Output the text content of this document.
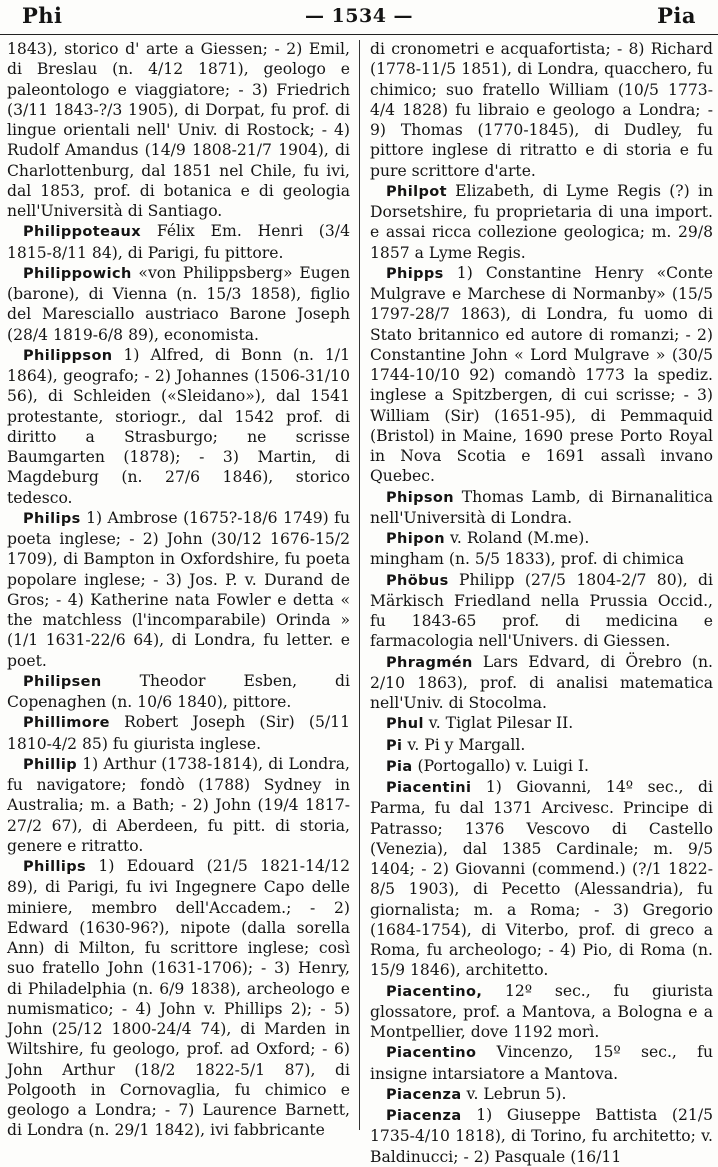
Phi	— 1534 —	Pia

1843), storico d' arte a Giessen; - 2) Emil, di Breslau (n. 4/12 1871), geologo e paleontologo e viaggiatore; - 3) Friedrich (3/11 1843-?/3 1905), di Dorpat, fu prof. di lingue orientali nell' Univ. di Rostock; - 4) Rudolf Amandus (14/9 1808-21/7 1904), di Charlottenburg, dal 1851 nel Chile, fu ivi, dal 1853, prof. di botanica e di geologia nell'Università di Santiago.

Philippoteaux Félix Em. Henri (3/4 1815-8/11 84), di Parigi, fu pittore.

Philippowich «von Philippsberg» Eugen (barone), di Vienna (n. 15/3 1858), figlio del Maresciallo austriaco Barone Joseph (28/4 1819-6/8 89), economista.

Philippson 1) Alfred, di Bonn (n. 1/1 1864), geografo; - 2) Johannes (1506-31/10 56), di Schleiden («Sleidano»), dal 1541 protestante, storiogr., dal 1542 prof. di diritto a Strasburgo; ne scrisse Baumgarten (1878); - 3) Martin, di Magdeburg (n. 27/6 1846), storico tedesco.

Philips 1) Ambrose (1675?-18/6 1749) fu poeta inglese; - 2) John (30/12 1676-15/2 1709), di Bampton in Oxfordshire, fu poeta popolare inglese; - 3) Jos. P. v. Durand de Gros; - 4) Katherine nata Fowler e detta « the matchless (l'incomparabile) Orinda » (1/1 1631-22/6 64), di Londra, fu letter. e poet.

Philipsen Theodor Esben, di Copenaghen (n. 10/6 1840), pittore.

Phillimore Robert Joseph (Sir) (5/11 1810-4/2 85) fu giurista inglese.

Phillip 1) Arthur (1738-1814), di Londra, fu navigatore; fondò (1788) Sydney in Australia; m. a Bath; - 2) John (19/4 1817-27/2 67), di Aberdeen, fu pitt. di storia, genere e ritratto.

Phillips 1) Edouard (21/5 1821-14/12 89), di Parigi, fu ivi Ingegnere Capo delle miniere, membro dell'Accadem.; - 2) Edward (1630-96?), nipote (dalla sorella Ann) di Milton, fu scrittore inglese; così suo fratello John (1631-1706); - 3) Henry, di Philadelphia (n. 6/9 1838), archeologo e numismatico; - 4) John v. Phillips 2); - 5) John (25/12 1800-24/4 74), di Marden in Wiltshire, fu geologo, prof. ad Oxford; - 6) John Arthur (18/2 1822-5/1 87), di Polgooth in Cornovaglia, fu chimico e geologo a Londra; - 7) Laurence Barnett, di Londra (n. 29/1 1842), ivi fabbricante

di cronometri e acquafortista; - 8) Richard (1778-11/5 1851), di Londra, quacchero, fu chimico; suo fratello William (10/5 1773-4/4 1828) fu libraio e geologo a Londra; - 9) Thomas (1770-1845), di Dudley, fu pittore inglese di ritratto e di storia e fu pure scrittore d'arte.

Philpot Elizabeth, di Lyme Regis (?) in Dorsetshire, fu proprietaria di una import. e assai ricca collezione geologica; m. 29/8 1857 a Lyme Regis.

Phipps 1) Constantine Henry «Conte Mulgrave e Marchese di Normanby» (15/5 1797-28/7 1863), di Londra, fu uomo di Stato britannico ed autore di romanzi; - 2) Constantine John « Lord Mulgrave » (30/5 1744-10/10 92) comandò 1773 la spediz. inglese a Spitzbergen, di cui scrisse; - 3) William (Sir) (1651-95), di Pemmaquid (Bristol) in Maine, 1690 prese Porto Royal in Nova Scotia e 1691 assalì invano Quebec.

Phipson Thomas Lamb, di Birnanalitica nell'Università di Londra.

Phipon v. Roland (M.me).

mingham (n. 5/5 1833), prof. di chimica

Phöbus Philipp (27/5 1804-2/7 80), di Märkisch Friedland nella Prussia Occid., fu 1843-65 prof. di medicina e farmacologia nell'Univers. di Giessen.

Phragmén Lars Edvard, di Örebro (n. 2/10 1863), prof. di analisi matematica nell'Univ. di Stocolma.

Phul v. Tiglat Pilesar II.

Pi v. Pi y Margall.

Pia (Portogallo) v. Luigi I.

Piacentini 1) Giovanni, 14º sec., di Parma, fu dal 1371 Arcivesc. Principe di Patrasso; 1376 Vescovo di Castello (Venezia), dal 1385 Cardinale; m. 9/5 1404; - 2) Giovanni (commend.) (?/1 1822-8/5 1903), di Pecetto (Alessandria), fu giornalista; m. a Roma; - 3) Gregorio (1684-1754), di Viterbo, prof. di greco a Roma, fu archeologo; - 4) Pio, di Roma (n. 15/9 1846), architetto.

Piacentino, 12º sec., fu giurista glossatore, prof. a Mantova, a Bologna e a Montpellier, dove 1192 morì.

Piacentino Vincenzo, 15º sec., fu insigne intarsiatore a Mantova.

Piacenza v. Lebrun 5).

Piacenza 1) Giuseppe Battista (21/5 1735-4/10 1818), di Torino, fu architetto; v. Baldinucci; - 2) Pasquale (16/11
